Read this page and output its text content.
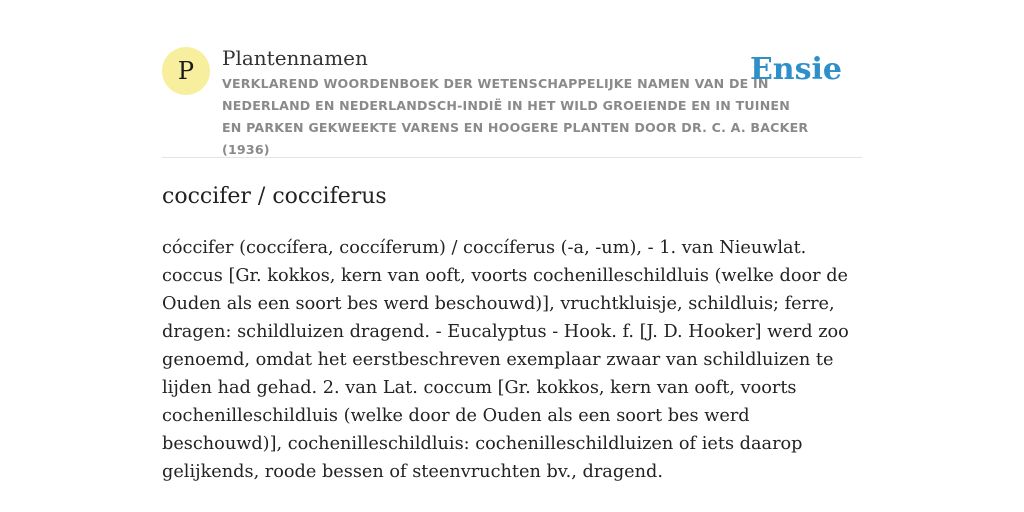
P	Plantennamen
VERKLAREND WOORDENBOEK DER WETENSCHAPPELIJKE NAMEN VAN DE IN NEDERLAND EN NEDERLANDSCH-INDIË IN HET WILD GROEIENDE EN IN TUINEN EN PARKEN GEKWEEKTE VARENS EN HOOGERE PLANTEN DOOR DR. C. A. BACKER (1936)
Ensie
coccifer / cocciferus

cóccifer (coccífera, coccíferum) / coccíferus (-a, -um), - 1. van Nieuwlat. coccus [Gr. kokkos, kern van ooft, voorts cochenilleschildluis (welke door de Ouden als een soort bes werd beschouwd)], vruchtkluisje, schildluis; ferre, dragen: schildluizen dragend. - Eucalyptus - Hook. f. [J. D. Hooker] werd zoo genoemd, omdat het eerstbeschreven exemplaar zwaar van schildluizen te lijden had gehad. 2. van Lat. coccum [Gr. kokkos, kern van ooft, voorts cochenilleschildluis (welke door de Ouden als een soort bes werd beschouwd)], cochenilleschildluis: cochenilleschildluizen of iets daarop gelijkends, roode bessen of steenvruchten bv., dragend.
